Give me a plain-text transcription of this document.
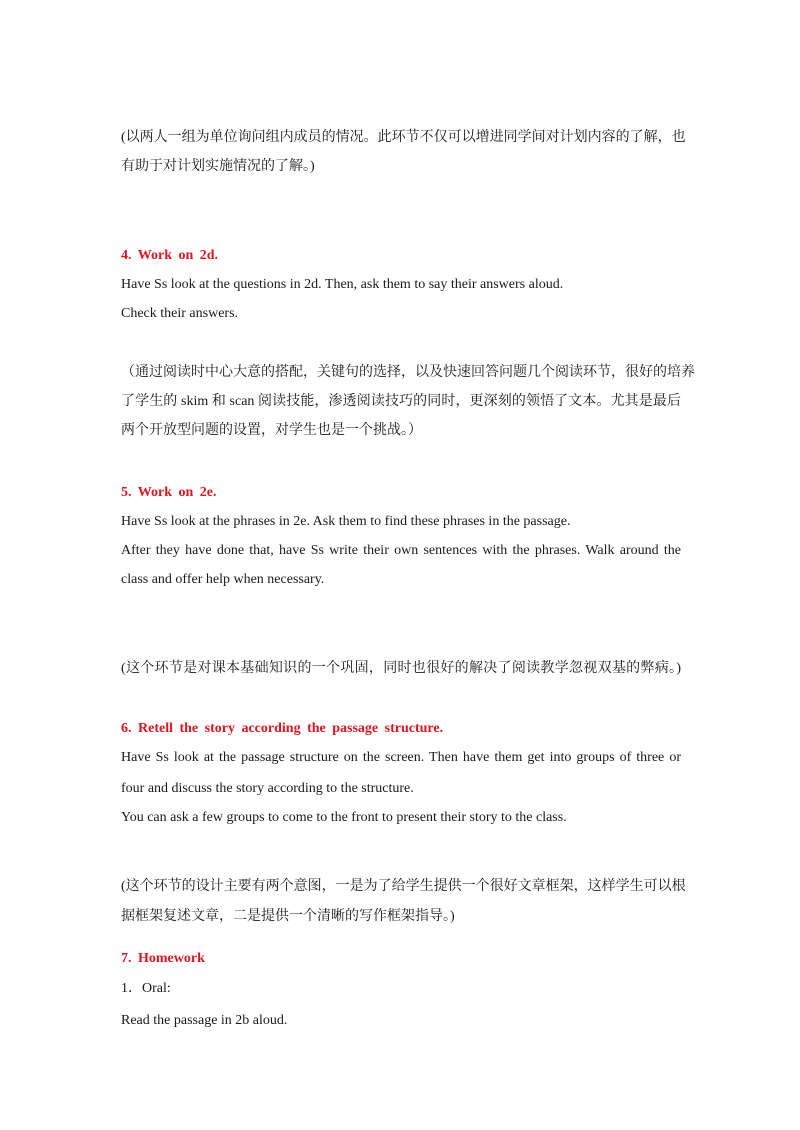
(以两人一组为单位询问组内成员的情况。此环节不仅可以增进同学间对计划内容的了解，也
有助于对计划实施情况的了解。)
4. Work on 2d.
Have Ss look at the questions in 2d. Then, ask them to say their answers aloud.
Check their answers.
（通过阅读时中心大意的搭配，关键句的选择，以及快速回答问题几个阅读环节，很好的培养
了学生的 skim 和 scan 阅读技能，渗透阅读技巧的同时，更深刻的领悟了文本。尤其是最后
两个开放型问题的设置，对学生也是一个挑战。）
5. Work on 2e.
Have Ss look at the phrases in 2e. Ask them to find these phrases in the passage.
After they have done that, have Ss write their own sentences with the phrases. Walk around the
class and offer help when necessary.
(这个环节是对课本基础知识的一个巩固，同时也很好的解决了阅读教学忽视双基的弊病。)
6. Retell the story according the passage structure.
Have Ss look at the passage structure on the screen. Then have them get into groups of three or
four and discuss the story according to the structure.
You can ask a few groups to come to the front to present their story to the class.
(这个环节的设计主要有两个意图，一是为了给学生提供一个很好文章框架，这样学生可以根
据框架复述文章，二是提供一个清晰的写作框架指导。)
7. Homework
1．Oral:
Read the passage in 2b aloud.
